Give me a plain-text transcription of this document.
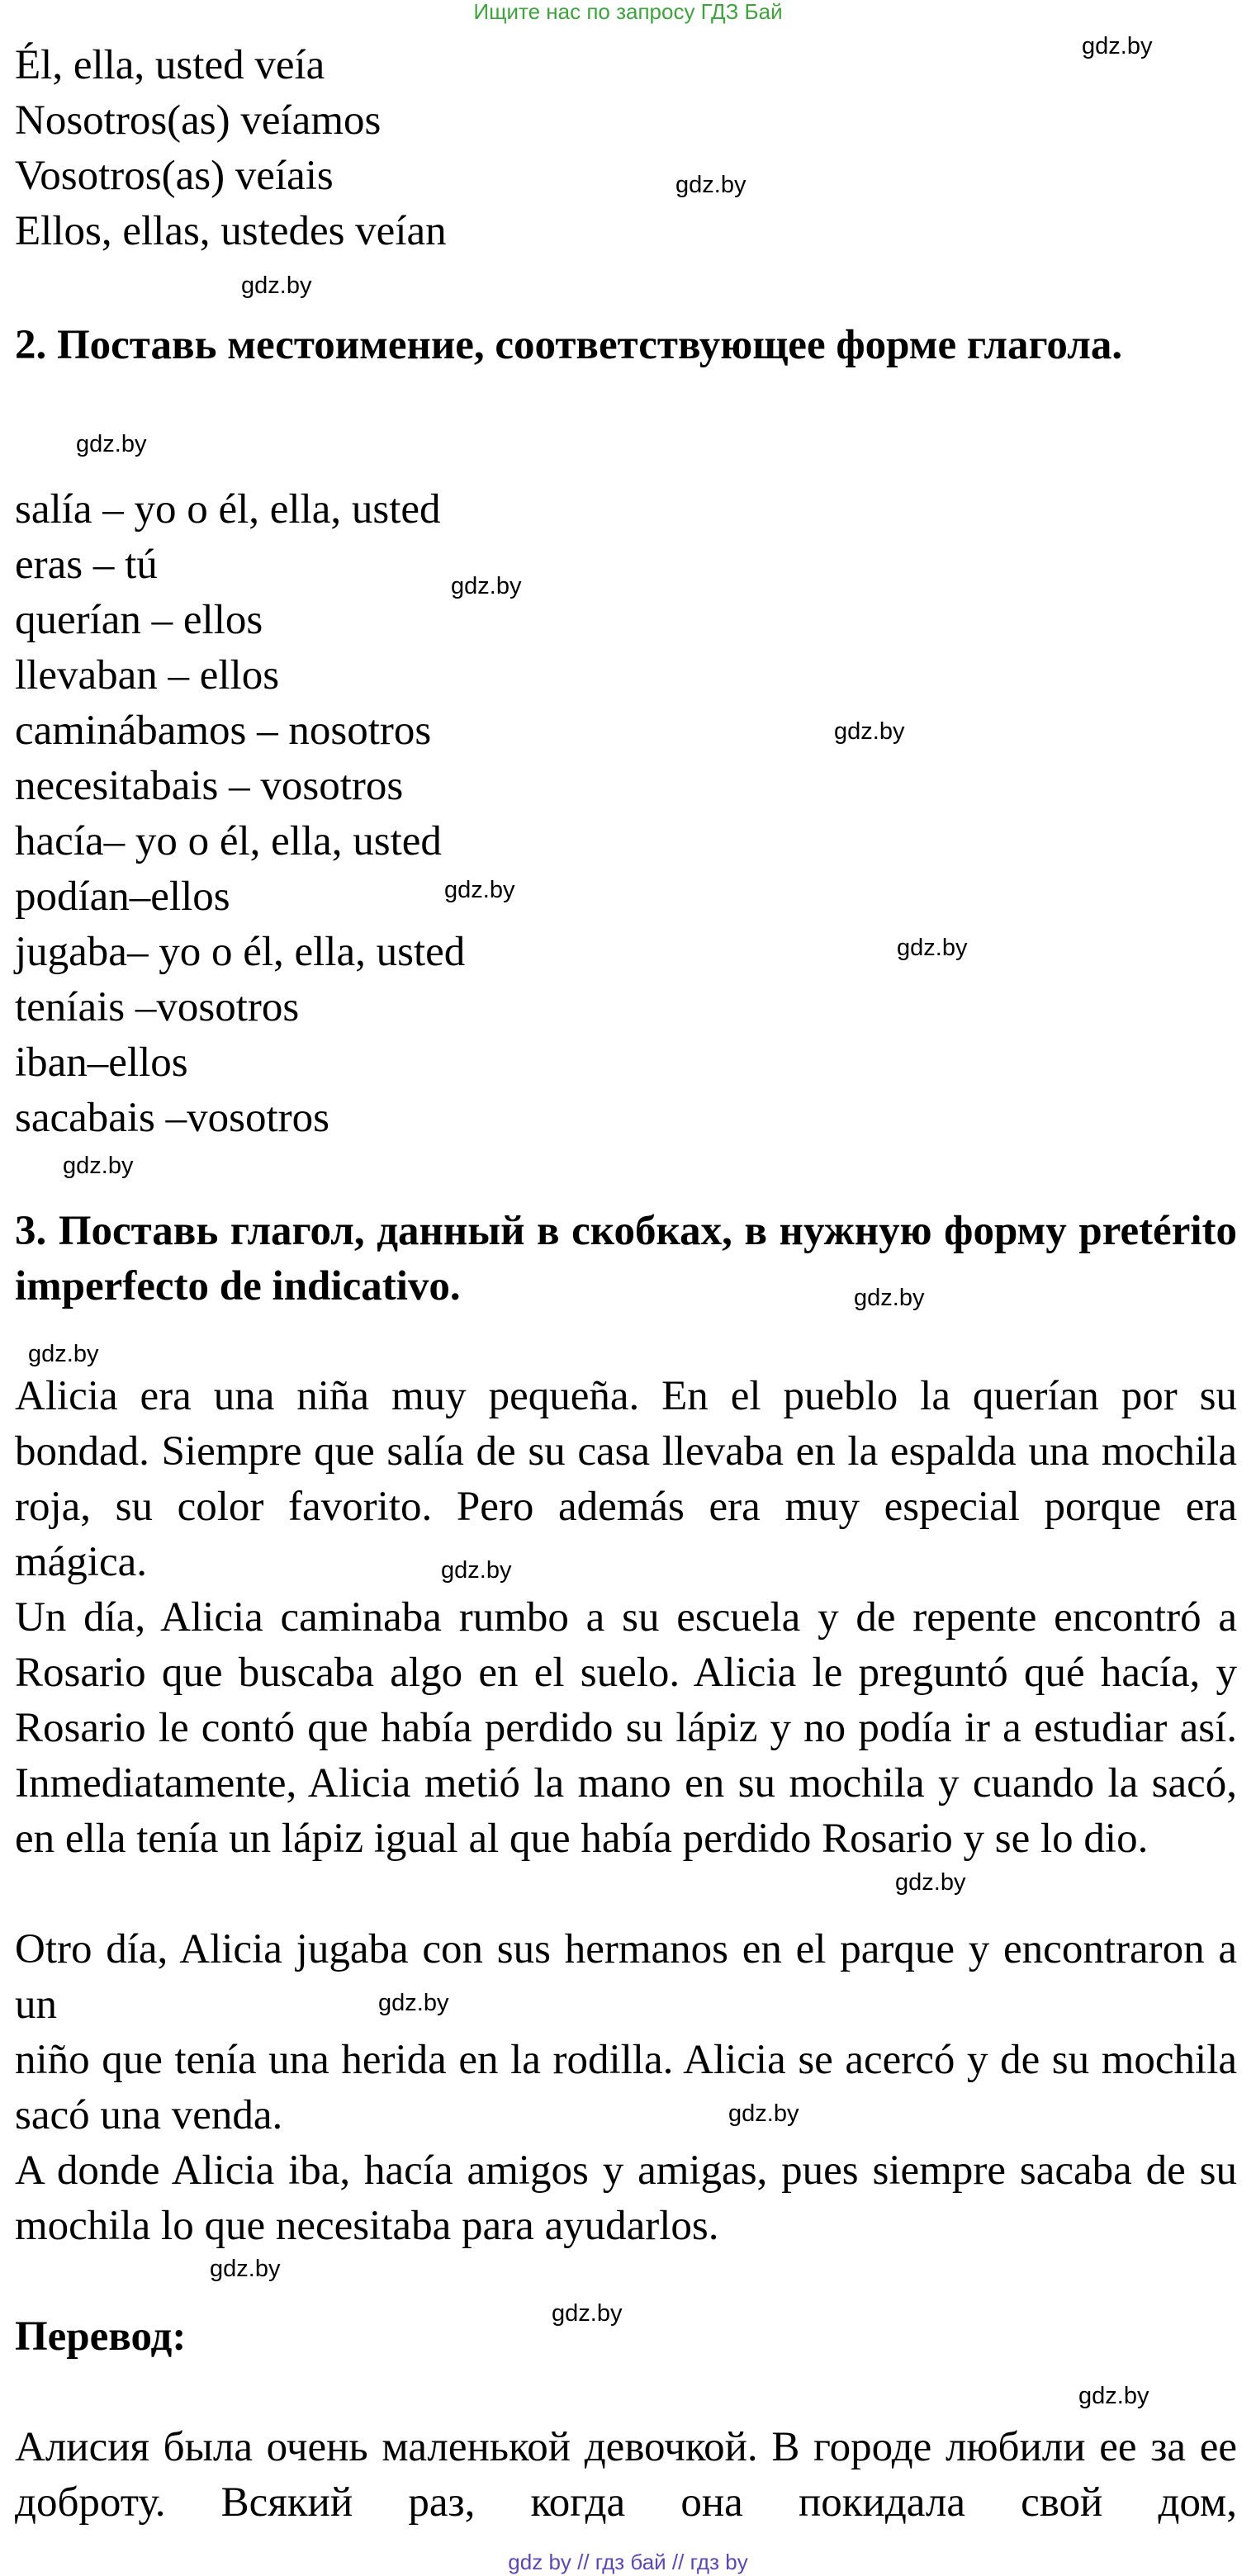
Ищите нас по запросу ГДЗ Бай
Él, ella, usted veía
Nosotros(as) veíamos
Vosotros(as) veíais
Ellos, ellas, ustedes veían
2. Поставь местоимение, соответствующее форме глагола.
salía – yo o él, ella, usted
eras – tú
querían – ellos
llevaban – ellos
caminábamos – nosotros
necesitabais – vosotros
hacía– yo o él, ella, usted
podían–ellos
jugaba– yo o él, ella, usted
teníais –vosotros
iban–ellos
sacabais –vosotros
3. Поставь глагол, данный в скобках, в нужную форму pretérito imperfecto de indicativo.
Alicia era una niña muy pequeña. En el pueblo la querían por su bondad. Siempre que salía de su casa llevaba en la espalda una mochila roja, su color favorito. Pero además era muy especial porque era mágica.
Un día, Alicia caminaba rumbo a su escuela y de repente encontró a Rosario que buscaba algo en el suelo. Alicia le preguntó qué hacía, y Rosario le contó que había perdido su lápiz y no podía ir a estudiar así. Inmediatamente, Alicia metió la mano en su mochila y cuando la sacó, en ella tenía un lápiz igual al que había perdido Rosario y se lo dio.
Otro día, Alicia jugaba con sus hermanos en el parque y encontraron a un
niño que tenía una herida en la rodilla. Alicia se acercó y de su mochila sacó una venda.
A donde Alicia iba, hacía amigos y amigas, pues siempre sacaba de su mochila lo que necesitaba para ayudarlos.
Перевод:
Алисия была очень маленькой девочкой. В городе любили ее за ее доброту. Всякий раз, когда она покидала свой дом,
gdz.by
gdz.by
gdz.by
gdz.by
gdz.by
gdz.by
gdz.by
gdz.by
gdz.by
gdz.by
gdz.by
gdz.by
gdz.by
gdz.by
gdz.by
gdz.by
gdz.by
gdz.by
gdz by // гдз бай // гдз by
